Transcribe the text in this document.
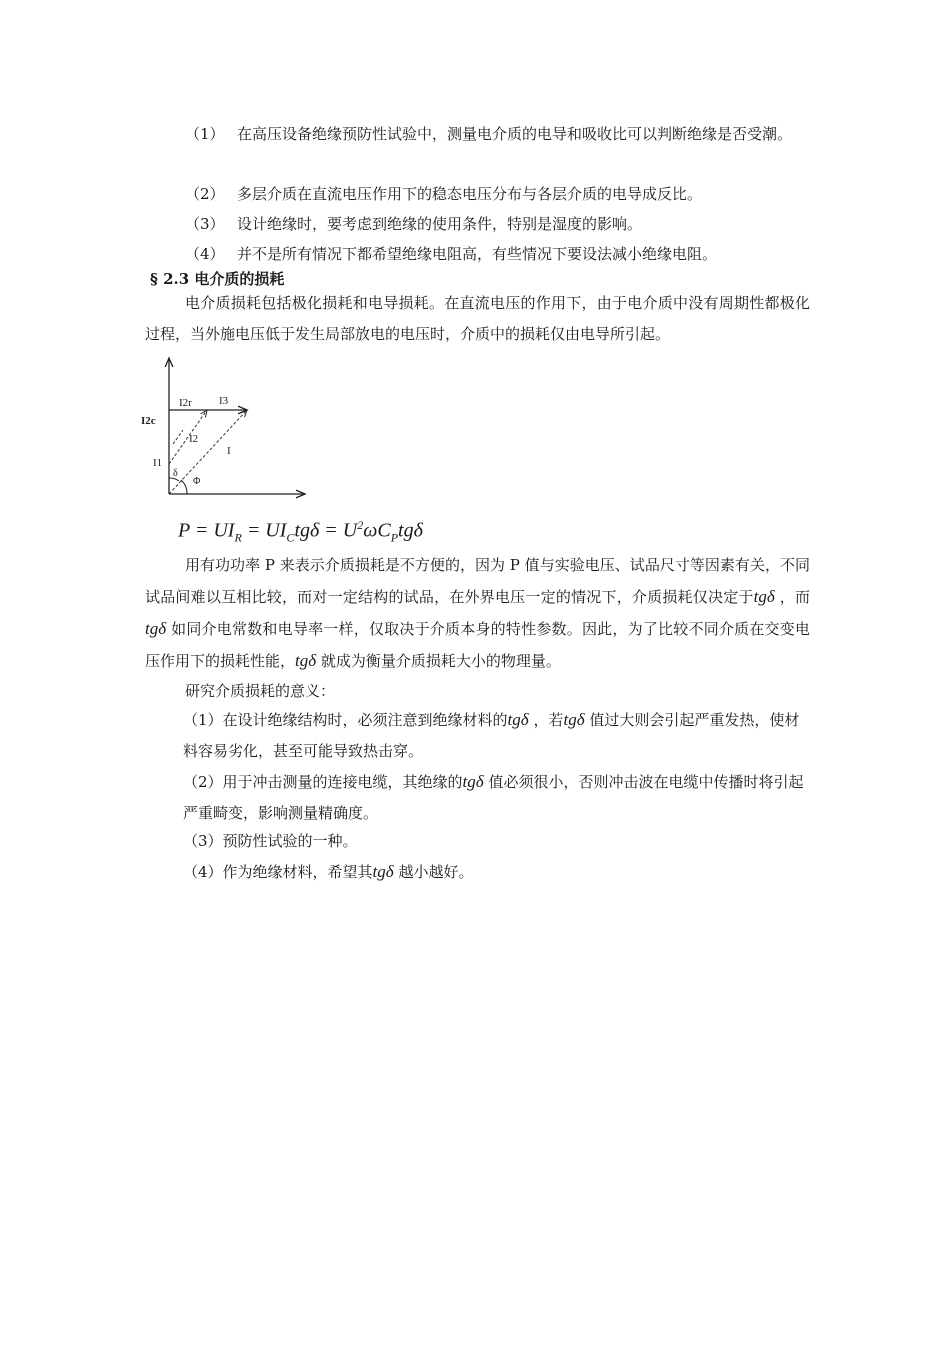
（1） 在高压设备绝缘预防性试验中，测量电介质的电导和吸收比可以判断绝缘是否受潮。
（2） 多层介质在直流电压作用下的稳态电压分布与各层介质的电导成反比。
（3） 设计绝缘时，要考虑到绝缘的使用条件，特别是湿度的影响。
（4） 并不是所有情况下都希望绝缘电阻高，有些情况下要设法减小绝缘电阻。
§ 2.3 电介质的损耗
电介质损耗包括极化损耗和电导损耗。在直流电压的作用下，由于电介质中没有周期性都极化过程，当外施电压低于发生局部放电的电压时，介质中的损耗仅由电导所引起。
I2r I3
I2c
I2
I
I1
δ
Φ
$P = UI_R = UI_Ctg\delta = U^2\omega C_Ptg\delta$
用有功功率 P 来表示介质损耗是不方便的，因为 P 值与实验电压、试品尺寸等因素有关，不同试品间难以互相比较，而对一定结构的试品，在外界电压一定的情况下，介质损耗仅决定于tgδ ，而tgδ 如同介电常数和电导率一样，仅取决于介质本身的特性参数。因此，为了比较不同介质在交变电压作用下的损耗性能，tgδ 就成为衡量介质损耗大小的物理量。
研究介质损耗的意义：
（1）在设计绝缘结构时，必须注意到绝缘材料的tgδ ，若tgδ 值过大则会引起严重发热，使材料容易劣化，甚至可能导致热击穿。
（2）用于冲击测量的连接电缆，其绝缘的tgδ 值必须很小，否则冲击波在电缆中传播时将引起严重畸变，影响测量精确度。
（3）预防性试验的一种。
（4）作为绝缘材料，希望其tgδ 越小越好。
